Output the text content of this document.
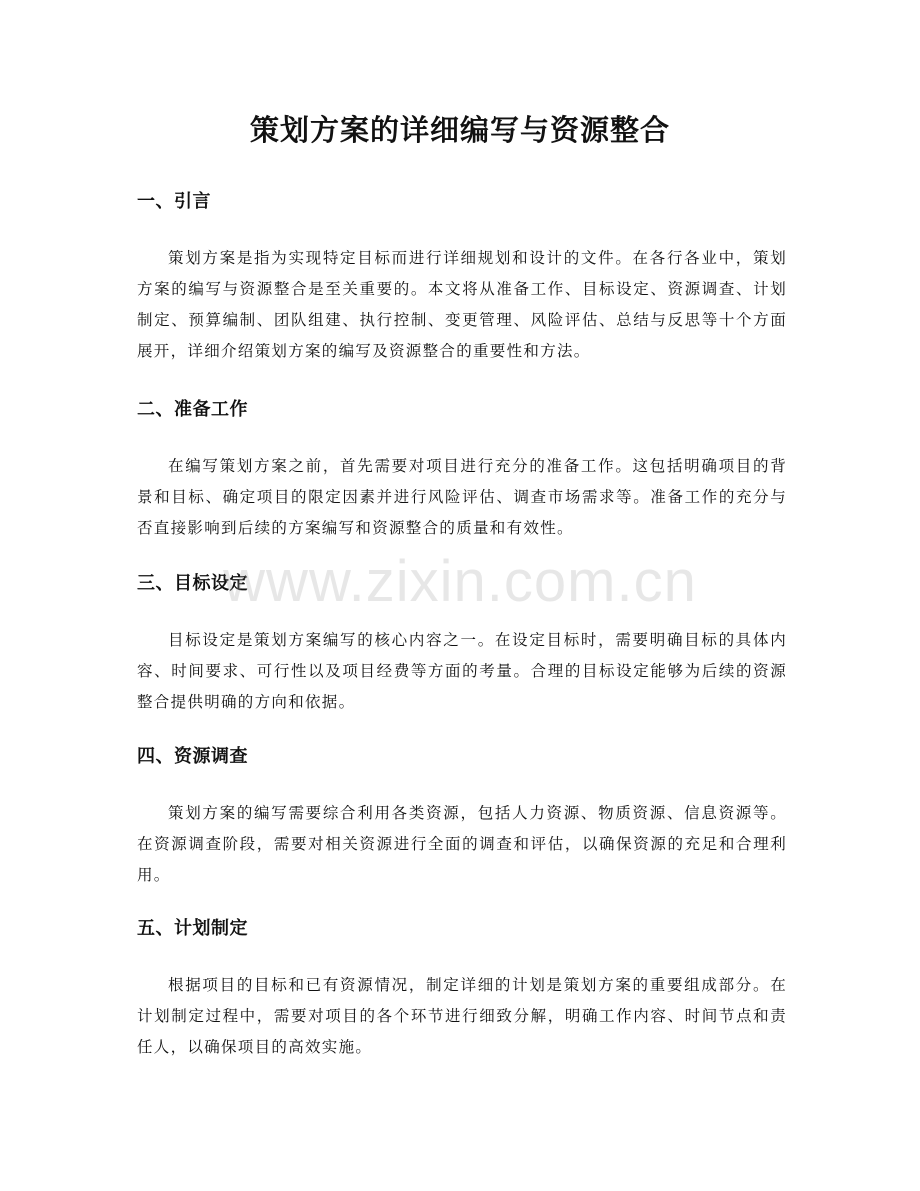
策划方案的详细编写与资源整合
一、引言

策划方案是指为实现特定目标而进行详细规划和设计的文件。在各行各业中，策划方案的编写与资源整合是至关重要的。本文将从准备工作、目标设定、资源调查、计划制定、预算编制、团队组建、执行控制、变更管理、风险评估、总结与反思等十个方面展开，详细介绍策划方案的编写及资源整合的重要性和方法。

二、准备工作

在编写策划方案之前，首先需要对项目进行充分的准备工作。这包括明确项目的背景和目标、确定项目的限定因素并进行风险评估、调查市场需求等。准备工作的充分与否直接影响到后续的方案编写和资源整合的质量和有效性。

三、目标设定

目标设定是策划方案编写的核心内容之一。在设定目标时，需要明确目标的具体内容、时间要求、可行性以及项目经费等方面的考量。合理的目标设定能够为后续的资源整合提供明确的方向和依据。

四、资源调查

策划方案的编写需要综合利用各类资源，包括人力资源、物质资源、信息资源等。在资源调查阶段，需要对相关资源进行全面的调查和评估，以确保资源的充足和合理利用。

五、计划制定

根据项目的目标和已有资源情况，制定详细的计划是策划方案的重要组成部分。在计划制定过程中，需要对项目的各个环节进行细致分解，明确工作内容、时间节点和责任人，以确保项目的高效实施。

www.zixin.com.cn
